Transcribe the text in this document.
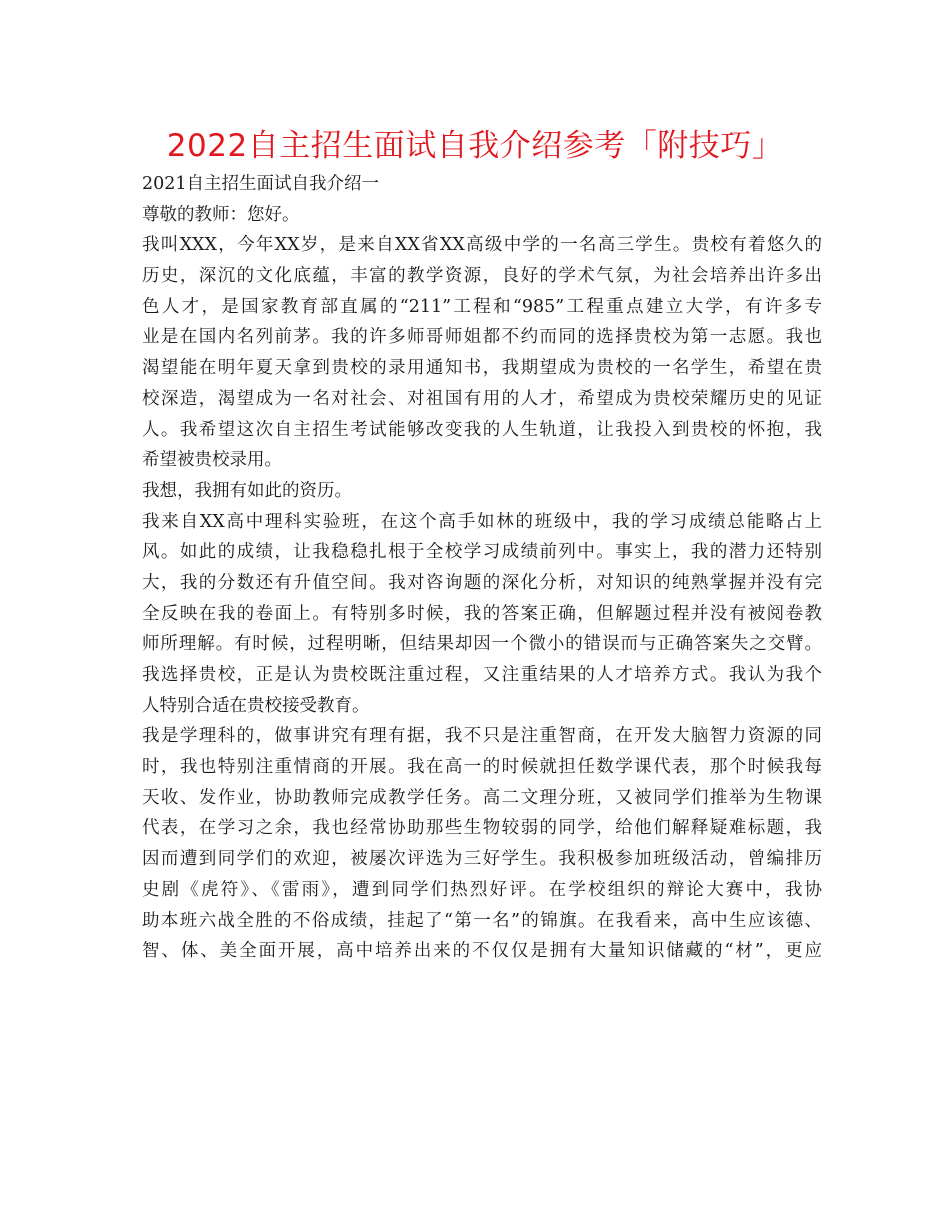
2022自主招生面试自我介绍参考「附技巧」
2021自主招生面试自我介绍一
尊敬的教师：您好。
我叫XXX，今年XX岁，是来自XX省XX高级中学的一名高三学生。贵校有着悠久的
历史，深沉的文化底蕴，丰富的教学资源，良好的学术气氛，为社会培养出许多出
色人才，是国家教育部直属的“211”工程和“985”工程重点建立大学，有许多专
业是在国内名列前茅。我的许多师哥师姐都不约而同的选择贵校为第一志愿。我也
渴望能在明年夏天拿到贵校的录用通知书，我期望成为贵校的一名学生，希望在贵
校深造，渴望成为一名对社会、对祖国有用的人才，希望成为贵校荣耀历史的见证
人。我希望这次自主招生考试能够改变我的人生轨道，让我投入到贵校的怀抱，我
希望被贵校录用。
我想，我拥有如此的资历。
我来自XX高中理科实验班，在这个高手如林的班级中，我的学习成绩总能略占上
风。如此的成绩，让我稳稳扎根于全校学习成绩前列中。事实上，我的潜力还特别
大，我的分数还有升值空间。我对咨询题的深化分析，对知识的纯熟掌握并没有完
全反映在我的卷面上。有特别多时候，我的答案正确，但解题过程并没有被阅卷教
师所理解。有时候，过程明晰，但结果却因一个微小的错误而与正确答案失之交臂。
我选择贵校，正是认为贵校既注重过程，又注重结果的人才培养方式。我认为我个
人特别合适在贵校接受教育。
我是学理科的，做事讲究有理有据，我不只是注重智商，在开发大脑智力资源的同
时，我也特别注重情商的开展。我在高一的时候就担任数学课代表，那个时候我每
天收、发作业，协助教师完成教学任务。高二文理分班，又被同学们推举为生物课
代表，在学习之余，我也经常协助那些生物较弱的同学，给他们解释疑难标题，我
因而遭到同学们的欢迎，被屡次评选为三好学生。我积极参加班级活动，曾编排历
史剧《虎符》、《雷雨》，遭到同学们热烈好评。在学校组织的辩论大赛中，我协
助本班六战全胜的不俗成绩，挂起了“第一名”的锦旗。在我看来，高中生应该德、
智、体、美全面开展，高中培养出来的不仅仅是拥有大量知识储藏的“材”，更应
